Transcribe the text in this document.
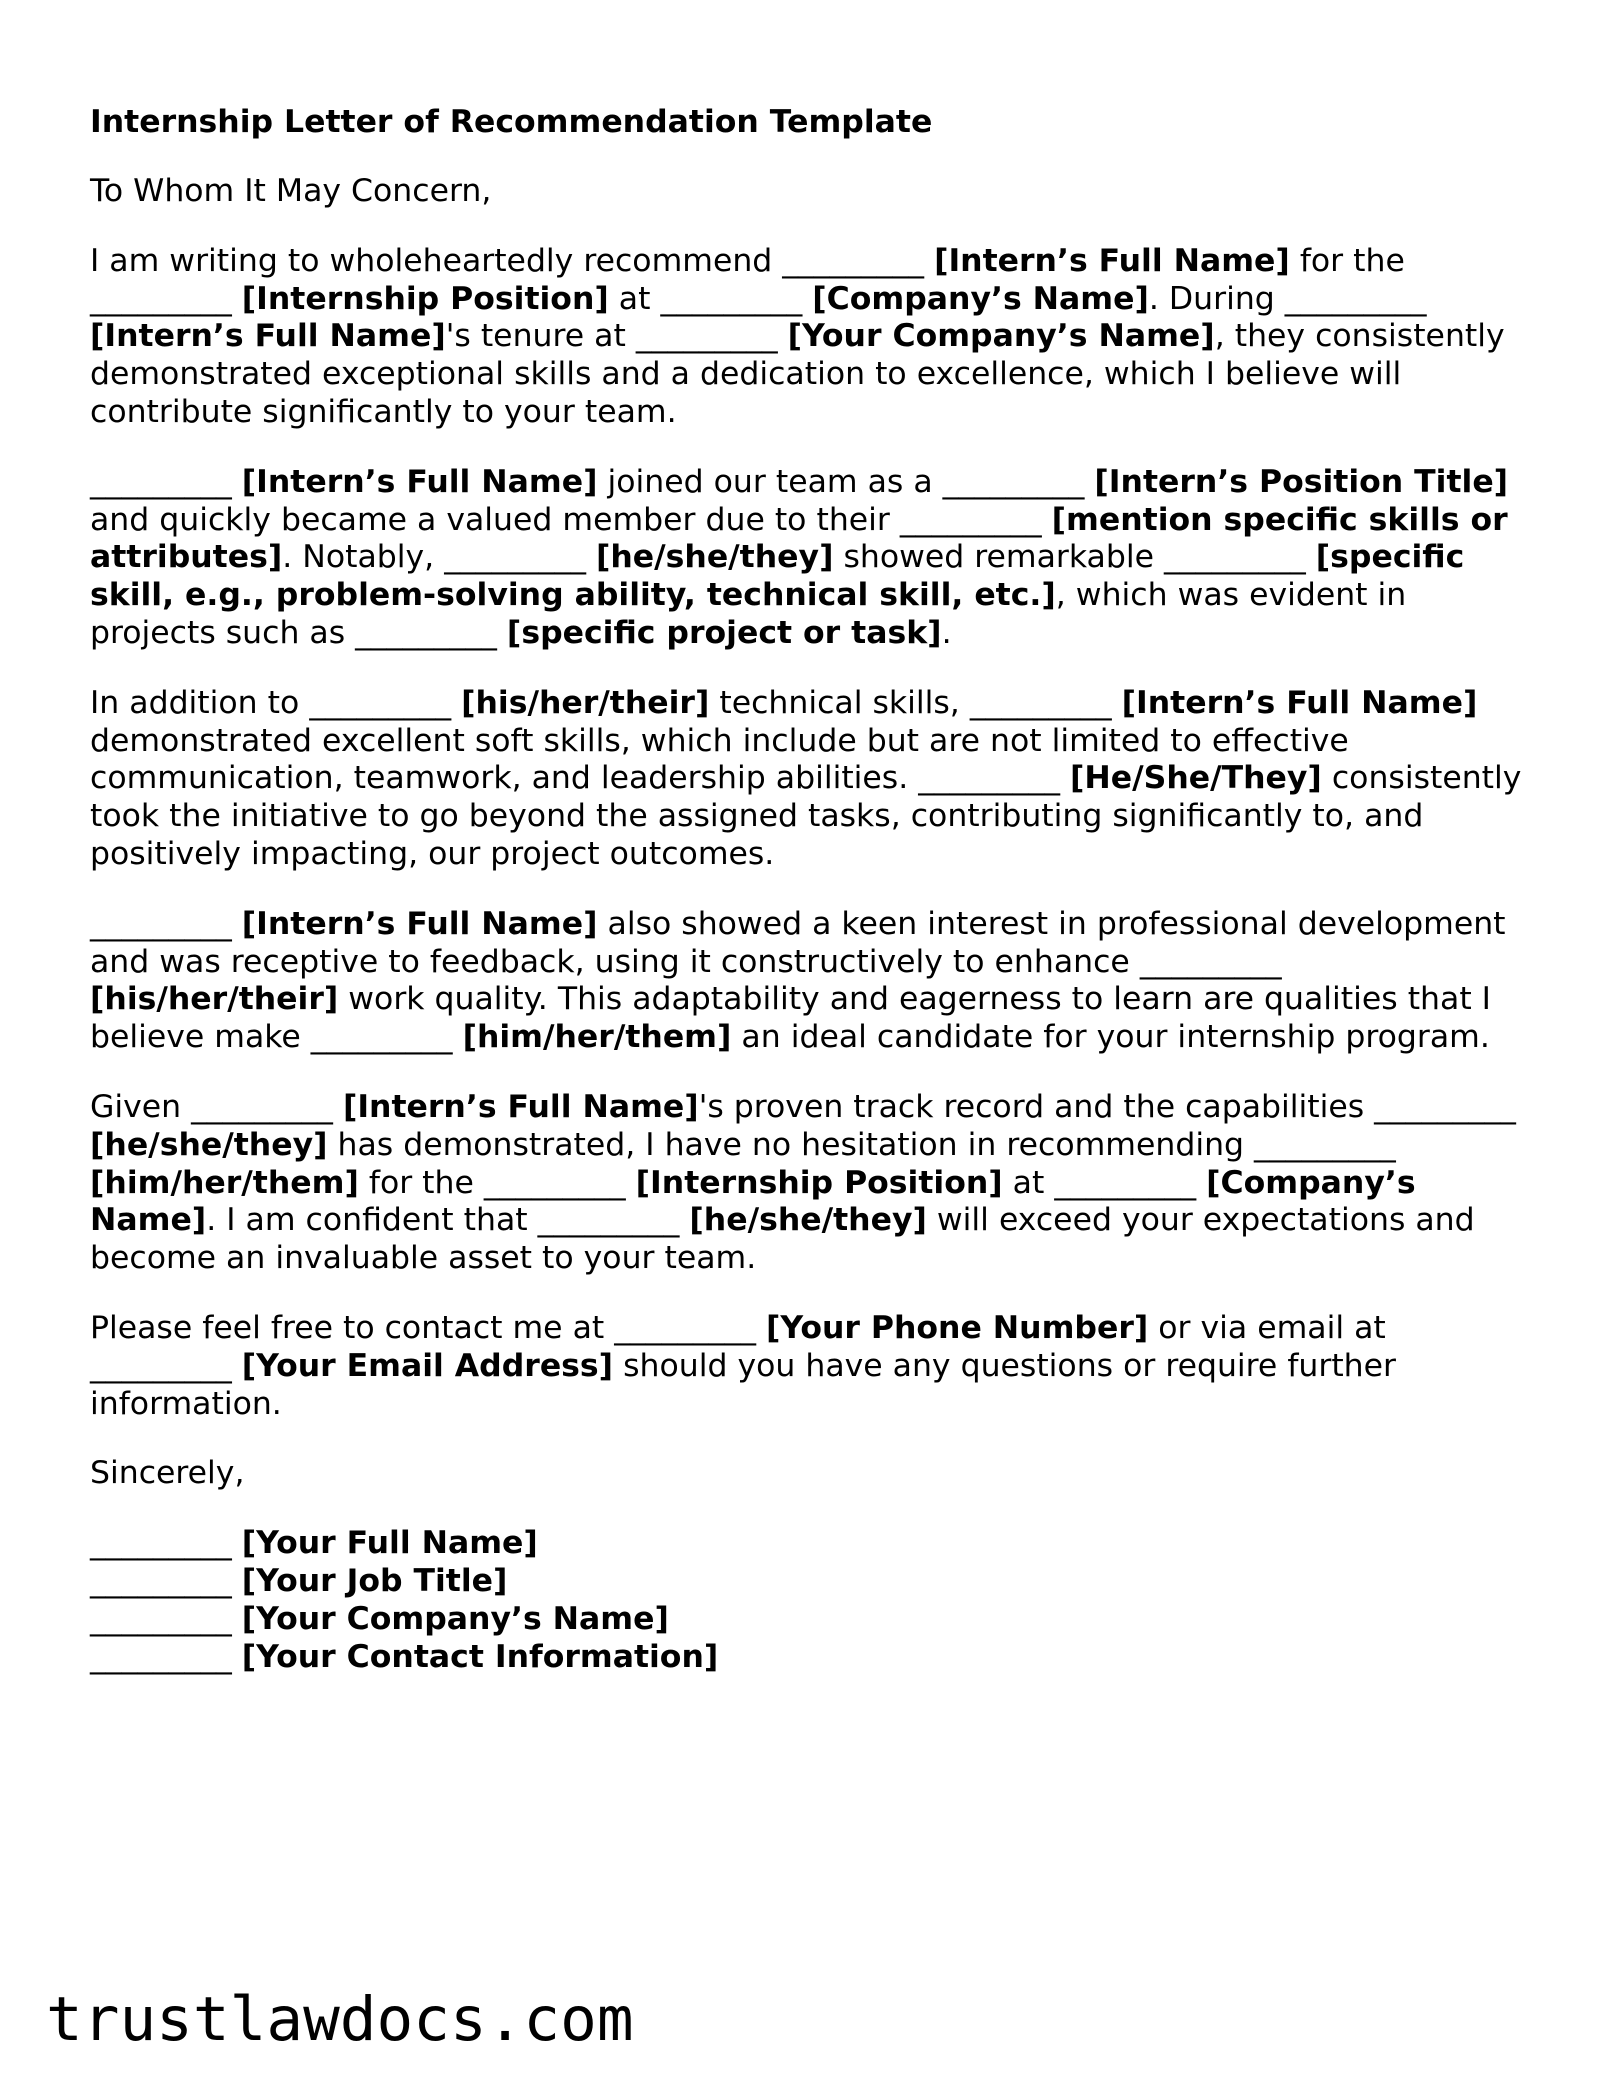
Internship Letter of Recommendation Template
To Whom It May Concern,
I am writing to wholeheartedly recommend _________ [Intern’s Full Name] for the _________ [Internship Position] at _________ [Company’s Name]. During _________ [Intern’s Full Name]'s tenure at _________ [Your Company’s Name], they consistently demonstrated exceptional skills and a dedication to excellence, which I believe will contribute significantly to your team.
_________ [Intern’s Full Name] joined our team as a _________ [Intern’s Position Title] and quickly became a valued member due to their _________ [mention specific skills or attributes]. Notably, _________ [he/she/they] showed remarkable _________ [specific skill, e.g., problem-solving ability, technical skill, etc.], which was evident in projects such as _________ [specific project or task].
In addition to _________ [his/her/their] technical skills, _________ [Intern’s Full Name] demonstrated excellent soft skills, which include but are not limited to effective communication, teamwork, and leadership abilities. _________ [He/She/They] consistently took the initiative to go beyond the assigned tasks, contributing significantly to, and positively impacting, our project outcomes.
_________ [Intern’s Full Name] also showed a keen interest in professional development and was receptive to feedback, using it constructively to enhance _________ [his/her/their] work quality. This adaptability and eagerness to learn are qualities that I believe make _________ [him/her/them] an ideal candidate for your internship program.
Given _________ [Intern’s Full Name]'s proven track record and the capabilities _________ [he/she/they] has demonstrated, I have no hesitation in recommending _________ [him/her/them] for the _________ [Internship Position] at _________ [Company’s Name]. I am confident that _________ [he/she/they] will exceed your expectations and become an invaluable asset to your team.
Please feel free to contact me at _________ [Your Phone Number] or via email at _________ [Your Email Address] should you have any questions or require further information.
Sincerely,
_________ [Your Full Name]
_________ [Your Job Title]
_________ [Your Company’s Name]
_________ [Your Contact Information]
trustlawdocs.com
